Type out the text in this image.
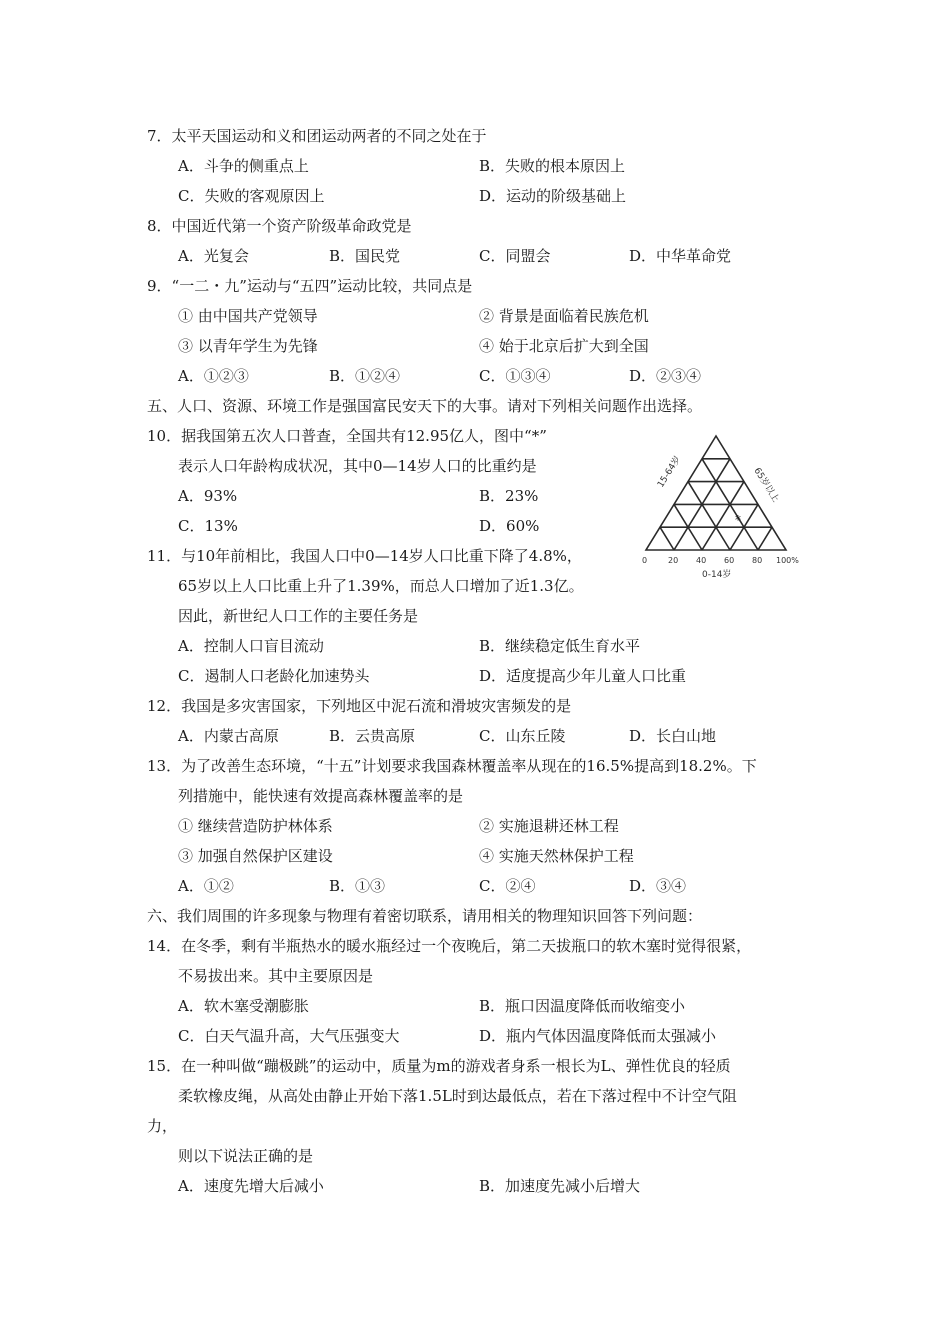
7．太平天国运动和义和团运动两者的不同之处在于
A．斗争的侧重点上	B．失败的根本原因上
C．失败的客观原因上	D．运动的阶级基础上
8．中国近代第一个资产阶级革命政党是
A．光复会	B．国民党	C．同盟会	D．中华革命党
9．“一二・九”运动与“五四”运动比较，共同点是
① 由中国共产党领导	② 背景是面临着民族危机
③ 以青年学生为先锋	④ 始于北京后扩大到全国
A．①②③	B．①②④	C．①③④	D．②③④
五、人口、资源、环境工作是强国富民安天下的大事。请对下列相关问题作出选择。
10．据我国第五次人口普查，全国共有12.95亿人，图中“*”
表示人口年龄构成状况，其中0—14岁人口的比重约是
A．93%	B．23%
C．13%	D．60%	*
15-64岁	65岁以上
0	20 40 60 80 100%
0-14岁
11．与10年前相比，我国人口中0—14岁人口比重下降了4.8%，
65岁以上人口比重上升了1.39%，而总人口增加了近1.3亿。
因此，新世纪人口工作的主要任务是
A．控制人口盲目流动	B．继续稳定低生育水平
C．遏制人口老龄化加速势头	D．适度提高少年儿童人口比重
12．我国是多灾害国家，下列地区中泥石流和滑坡灾害频发的是
A．内蒙古高原	B．云贵高原	C．山东丘陵	D．长白山地
13．为了改善生态环境，“十五”计划要求我国森林覆盖率从现在的16.5%提高到18.2%。下
列措施中，能快速有效提高森林覆盖率的是
① 继续营造防护林体系	② 实施退耕还林工程
③ 加强自然保护区建设	④ 实施天然林保护工程
A．①②	B．①③	C．②④	D．③④
六、我们周围的许多现象与物理有着密切联系，请用相关的物理知识回答下列问题：
14．在冬季，剩有半瓶热水的暖水瓶经过一个夜晚后，第二天拔瓶口的软木塞时觉得很紧，
不易拔出来。其中主要原因是
A．软木塞受潮膨胀	B．瓶口因温度降低而收缩变小
C．白天气温升高，大气压强变大	D．瓶内气体因温度降低而太强减小
15．在一种叫做“蹦极跳”的运动中，质量为m的游戏者身系一根长为L、弹性优良的轻质
柔软橡皮绳，从高处由静止开始下落1.5L时到达最低点，若在下落过程中不计空气阻
力，
则以下说法正确的是
A．速度先增大后减小	B．加速度先减小后增大
